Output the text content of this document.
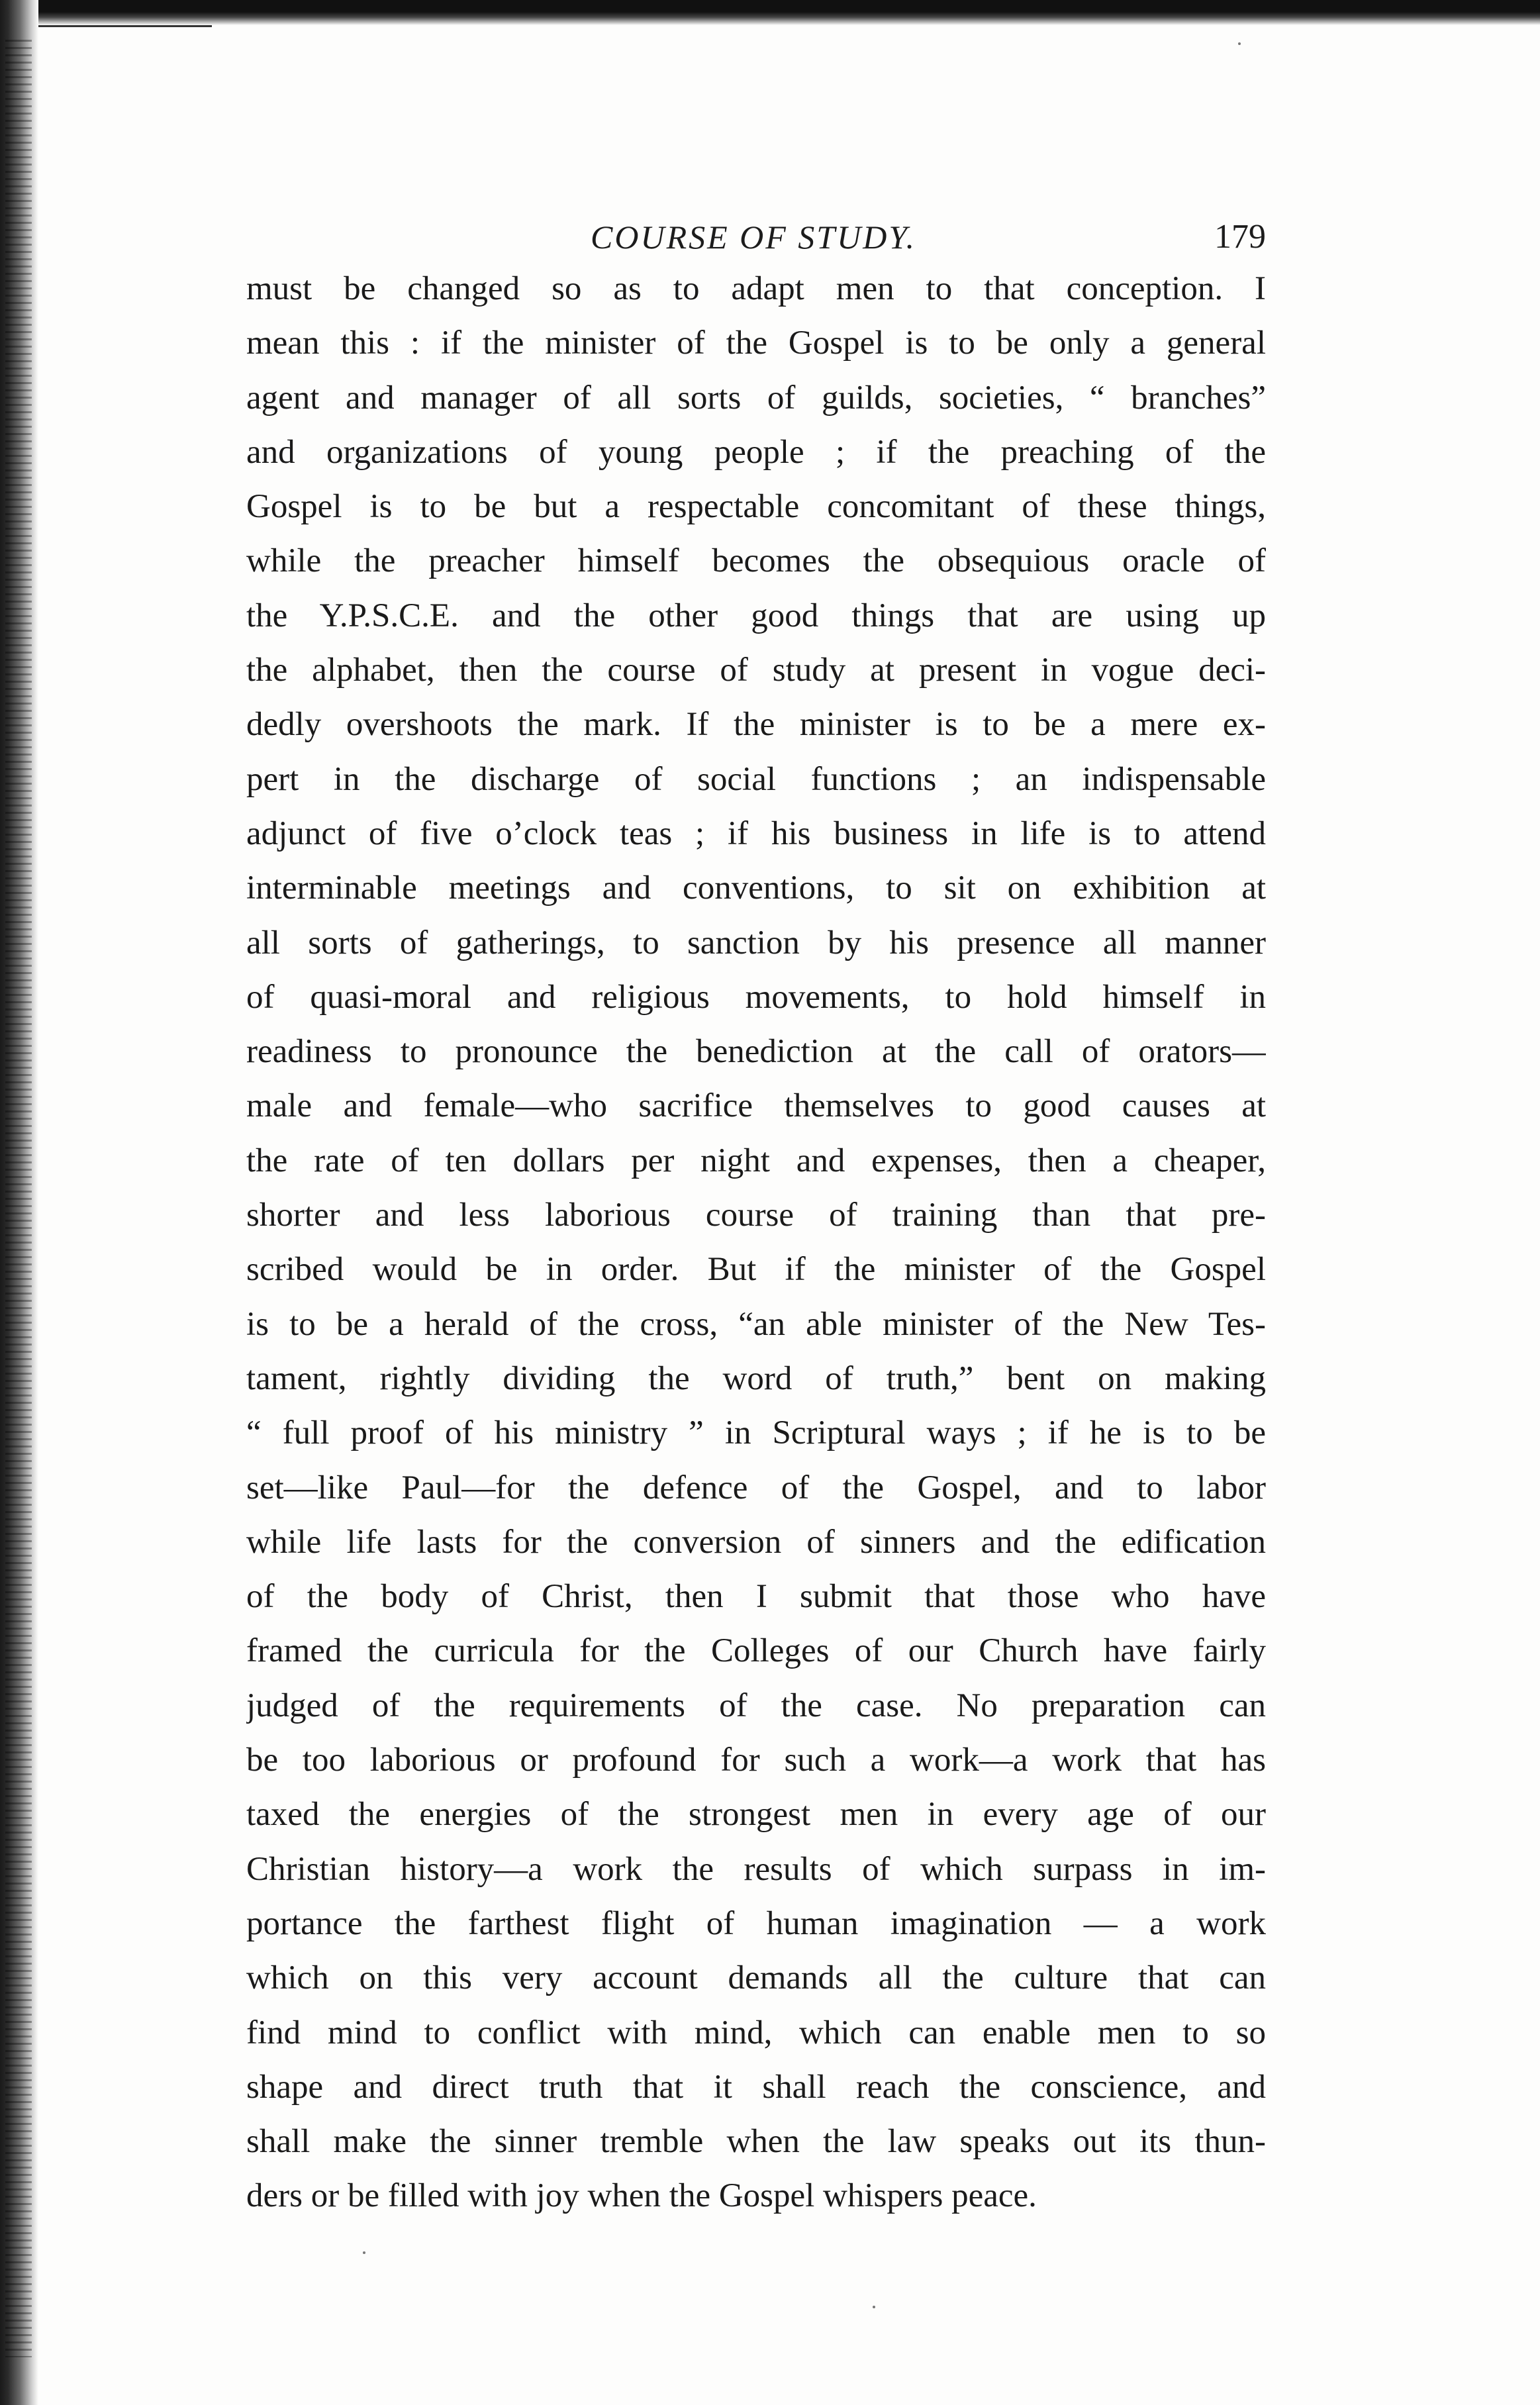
COURSE OF STUDY.	179
must be changed so as to adapt men to that conception. I
mean this : if the minister of the Gospel is to be only a general
agent and manager of all sorts of guilds, societies, “ branches”
and organizations of young people ; if the preaching of the
Gospel is to be but a respectable concomitant of these things,
while the preacher himself becomes the obsequious oracle of
the Y.P.S.C.E. and the other good things that are using up
the alphabet, then the course of study at present in vogue deci-
dedly overshoots the mark. If the minister is to be a mere ex-
pert in the discharge of social functions ; an indispensable
adjunct of five o’clock teas ; if his business in life is to attend
interminable meetings and conventions, to sit on exhibition at
all sorts of gatherings, to sanction by his presence all manner
of quasi-moral and religious movements, to hold himself in
readiness to pronounce the benediction at the call of orators—
male and female—who sacrifice themselves to good causes at
the rate of ten dollars per night and expenses, then a cheaper,
shorter and less laborious course of training than that pre-
scribed would be in order. But if the minister of the Gospel
is to be a herald of the cross, “an able minister of the New Tes-
tament, rightly dividing the word of truth,” bent on making
“ full proof of his ministry ” in Scriptural ways ; if he is to be
set—like Paul—for the defence of the Gospel, and to labor
while life lasts for the conversion of sinners and the edification
of the body of Christ, then I submit that those who have
framed the curricula for the Colleges of our Church have fairly
judged of the requirements of the case. No preparation can
be too laborious or profound for such a work—a work that has
taxed the energies of the strongest men in every age of our
Christian history—a work the results of which surpass in im-
portance the farthest flight of human imagination — a work
which on this very account demands all the culture that can
find mind to conflict with mind, which can enable men to so
shape and direct truth that it shall reach the conscience, and
shall make the sinner tremble when the law speaks out its thun-
ders or be filled with joy when the Gospel whispers peace.
